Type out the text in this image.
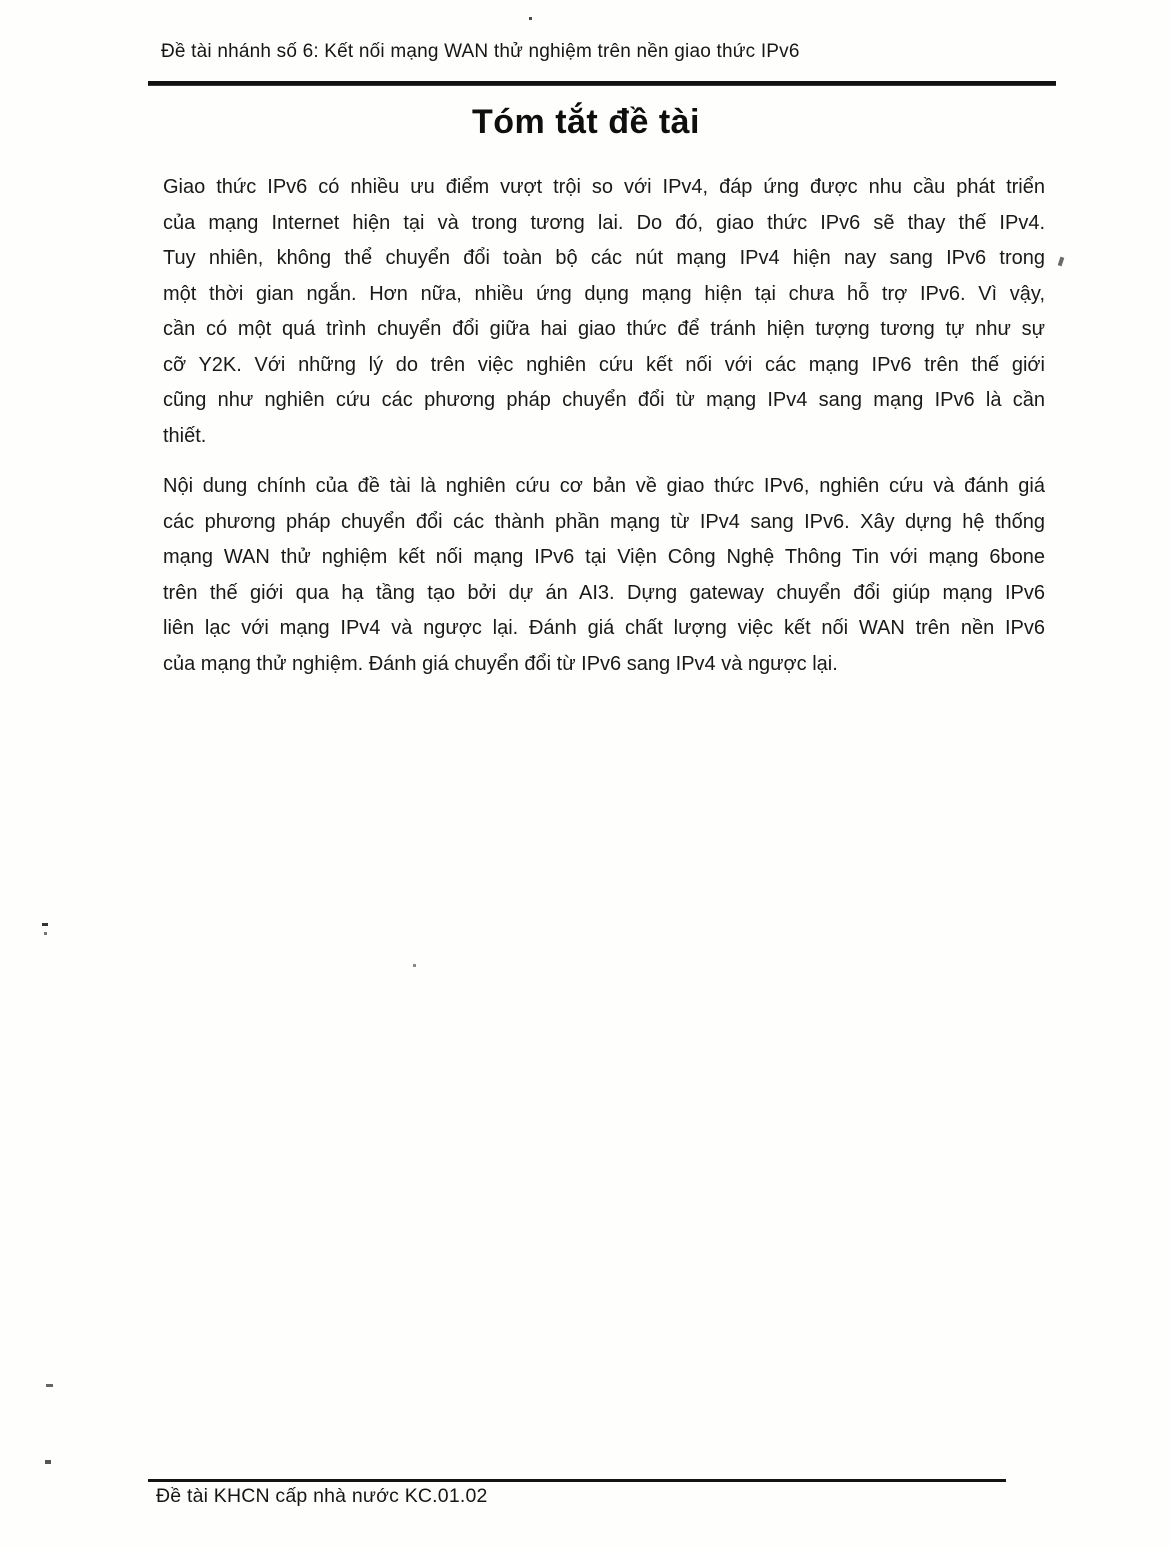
Đề tài nhánh số 6: Kết nối mạng WAN thử nghiệm trên nền giao thức IPv6
Tóm tắt đề tài
Giao thức IPv6 có nhiều ưu điểm vượt trội so với IPv4, đáp ứng được nhu cầu phát triển
của mạng Internet hiện tại và trong tương lai. Do đó, giao thức IPv6 sẽ thay thế IPv4.
Tuy nhiên, không thể chuyển đổi toàn bộ các nút mạng IPv4 hiện nay sang IPv6 trong
một thời gian ngắn. Hơn nữa, nhiều ứng dụng mạng hiện tại chưa hỗ trợ IPv6. Vì vậy,
cần có một quá trình chuyển đổi giữa hai giao thức để tránh hiện tượng tương tự như sự
cỡ Y2K. Với những lý do trên việc nghiên cứu kết nối với các mạng IPv6 trên thế giới
cũng như nghiên cứu các phương pháp chuyển đổi từ mạng IPv4 sang mạng IPv6 là cần
thiết.
Nội dung chính của đề tài là nghiên cứu cơ bản về giao thức IPv6, nghiên cứu và đánh giá
các phương pháp chuyển đổi các thành phần mạng từ IPv4 sang IPv6. Xây dựng hệ thống
mạng WAN thử nghiệm kết nối mạng IPv6 tại Viện Công Nghệ Thông Tin với mạng 6bone
trên thế giới qua hạ tầng tạo bởi dự án AI3. Dựng gateway chuyển đổi giúp mạng IPv6
liên lạc với mạng IPv4 và ngược lại. Đánh giá chất lượng việc kết nối WAN trên nền IPv6
của mạng thử nghiệm. Đánh giá chuyển đổi từ IPv6 sang IPv4 và ngược lại.
Đề tài KHCN cấp nhà nước KC.01.02
